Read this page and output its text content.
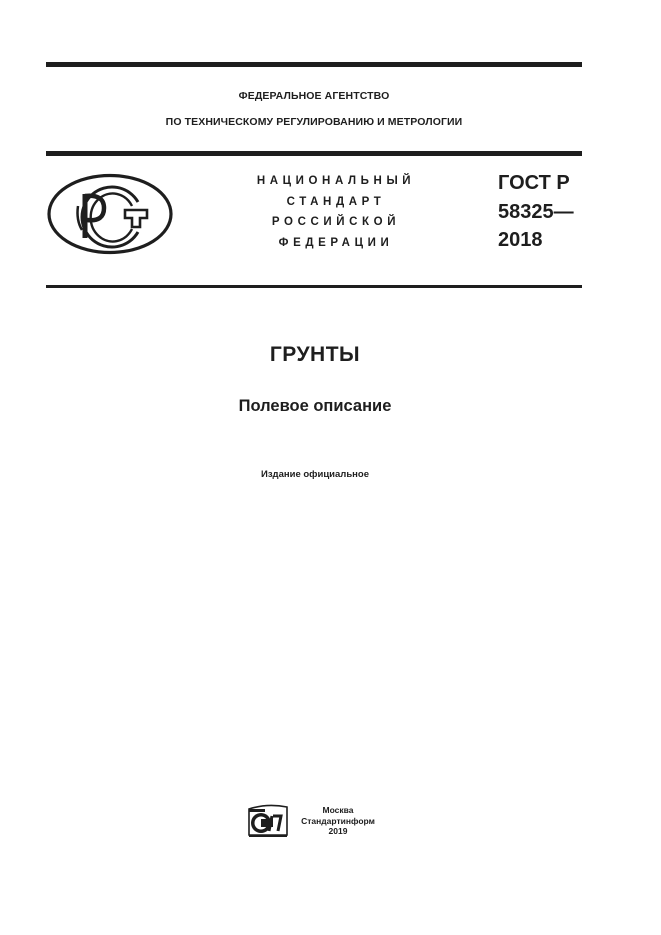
ФЕДЕРАЛЬНОЕ АГЕНТСТВО
ПО ТЕХНИЧЕСКОМУ РЕГУЛИРОВАНИЮ И МЕТРОЛОГИИ
НАЦИОНАЛЬНЫЙ
СТАНДАРТ
РОССИЙСКОЙ
ФЕДЕРАЦИИ
ГОСТ Р
58325—
2018
ГРУНТЫ
Полевое описание
Издание официальное
Москва
Стандартинформ
2019
